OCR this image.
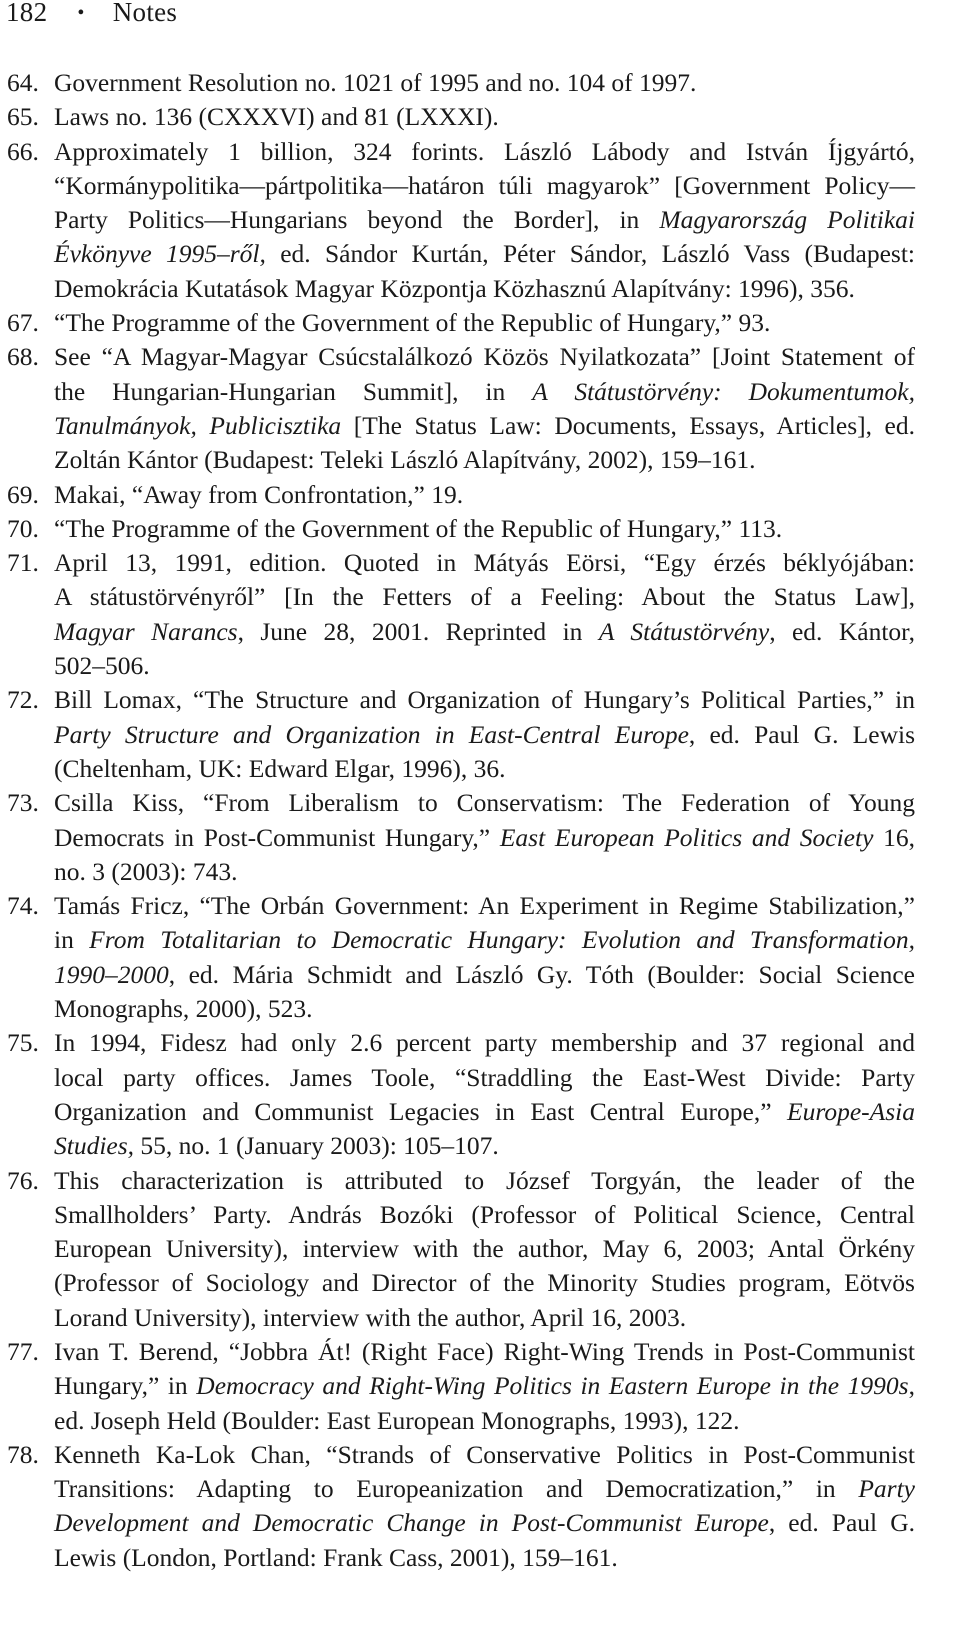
182 • Notes
64. Government Resolution no. 1021 of 1995 and no. 104 of 1997.
65. Laws no. 136 (CXXXVI) and 81 (LXXXI).
66. Approximately 1 billion, 324 forints. László Lábody and István Íjgyártó,
“Kormánypolitika—pártpolitika—határon túli magyarok” [Government Policy—
Party Politics—Hungarians beyond the Border], in Magyarország Politikai
Évkönyve 1995–ről, ed. Sándor Kurtán, Péter Sándor, László Vass (Budapest:
Demokrácia Kutatások Magyar Központja Közhasznú Alapítvány: 1996), 356.
67. “The Programme of the Government of the Republic of Hungary,” 93.
68. See “A Magyar-Magyar Csúcstalálkozó Közös Nyilatkozata” [Joint Statement of
the Hungarian-Hungarian Summit], in A Státustörvény: Dokumentumok,
Tanulmányok, Publicisztika [The Status Law: Documents, Essays, Articles], ed.
Zoltán Kántor (Budapest: Teleki László Alapítvány, 2002), 159–161.
69. Makai, “Away from Confrontation,” 19.
70. “The Programme of the Government of the Republic of Hungary,” 113.
71. April 13, 1991, edition. Quoted in Mátyás Eörsi, “Egy érzés béklyójában:
A státustörvényről” [In the Fetters of a Feeling: About the Status Law],
Magyar Narancs, June 28, 2001. Reprinted in A Státustörvény, ed. Kántor,
502–506.
72. Bill Lomax, “The Structure and Organization of Hungary’s Political Parties,” in
Party Structure and Organization in East-Central Europe, ed. Paul G. Lewis
(Cheltenham, UK: Edward Elgar, 1996), 36.
73. Csilla Kiss, “From Liberalism to Conservatism: The Federation of Young
Democrats in Post-Communist Hungary,” East European Politics and Society 16,
no. 3 (2003): 743.
74. Tamás Fricz, “The Orbán Government: An Experiment in Regime Stabilization,”
in From Totalitarian to Democratic Hungary: Evolution and Transformation,
1990–2000, ed. Mária Schmidt and László Gy. Tóth (Boulder: Social Science
Monographs, 2000), 523.
75. In 1994, Fidesz had only 2.6 percent party membership and 37 regional and
local party offices. James Toole, “Straddling the East-West Divide: Party
Organization and Communist Legacies in East Central Europe,” Europe-Asia
Studies, 55, no. 1 (January 2003): 105–107.
76. This characterization is attributed to József Torgyán, the leader of the
Smallholders’ Party. András Bozóki (Professor of Political Science, Central
European University), interview with the author, May 6, 2003; Antal Örkény
(Professor of Sociology and Director of the Minority Studies program, Eötvös
Lorand University), interview with the author, April 16, 2003.
77. Ivan T. Berend, “Jobbra Át! (Right Face) Right-Wing Trends in Post-Communist
Hungary,” in Democracy and Right-Wing Politics in Eastern Europe in the 1990s,
ed. Joseph Held (Boulder: East European Monographs, 1993), 122.
78. Kenneth Ka-Lok Chan, “Strands of Conservative Politics in Post-Communist
Transitions: Adapting to Europeanization and Democratization,” in Party
Development and Democratic Change in Post-Communist Europe, ed. Paul G.
Lewis (London, Portland: Frank Cass, 2001), 159–161.
